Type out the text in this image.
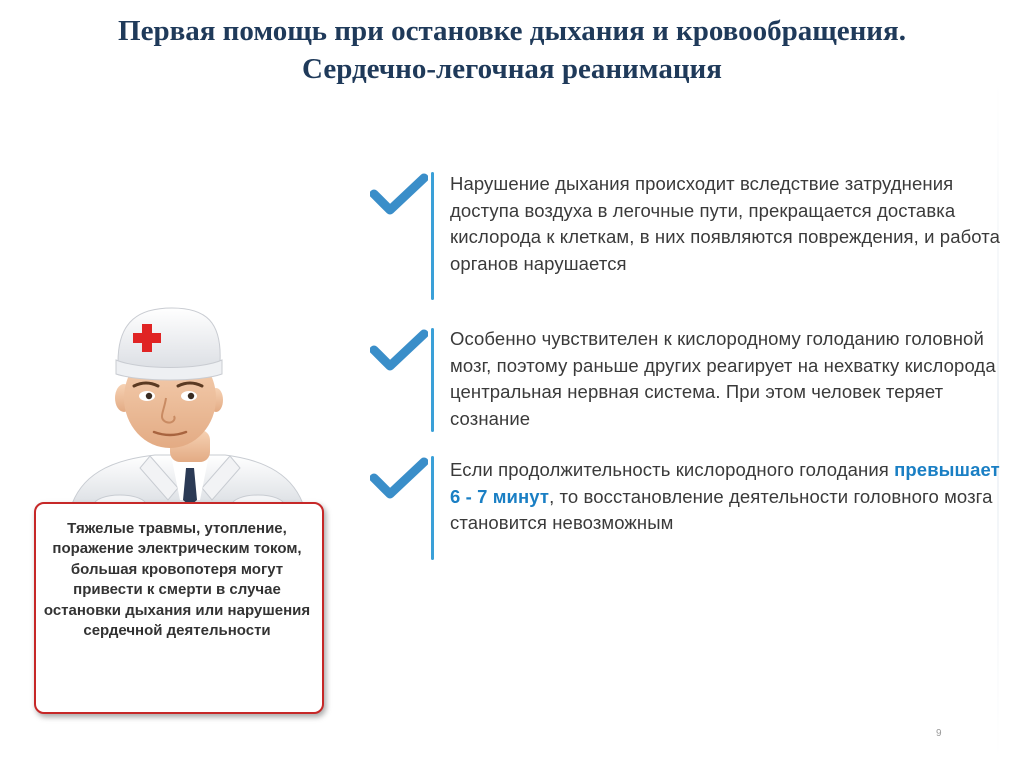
Первая помощь при остановке дыхания и кровообращения.
Сердечно-легочная реанимация
Нарушение дыхания происходит вследствие затруднения доступа воздуха в легочные пути, прекращается доставка кислорода к клеткам, в них появляются повреждения, и работа органов нарушается
Особенно чувствителен к кислородному голоданию головной мозг, поэтому раньше других реагирует на нехватку кислорода центральная нервная система. При этом человек теряет сознание
Если продолжительность кислородного голодания превышает 6 - 7 минут, то восстановление деятельности головного мозга становится невозможным
Тяжелые травмы, утопление, поражение электрическим током, большая кровопотеря могут привести к смерти в случае остановки дыхания или нарушения сердечной деятельности
9
